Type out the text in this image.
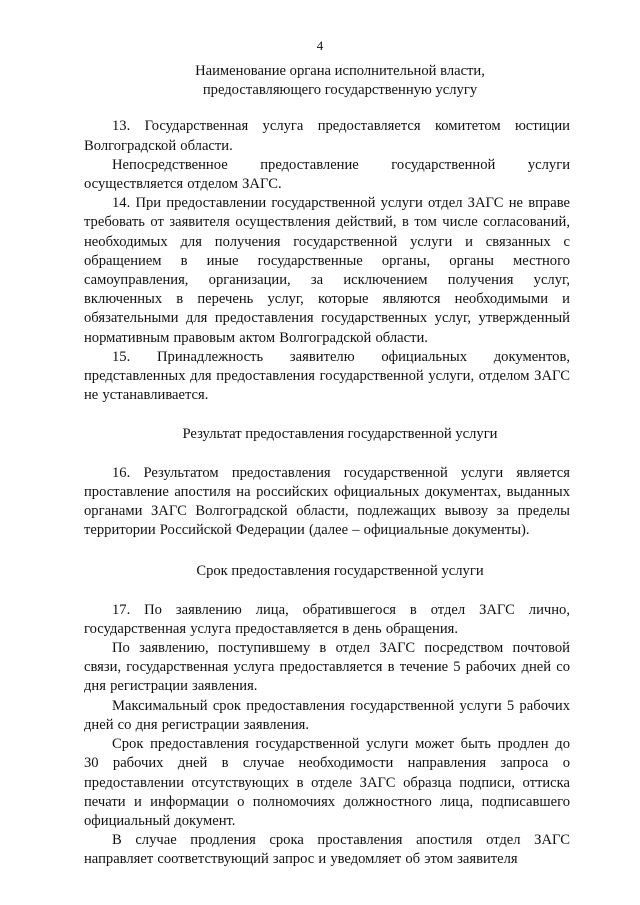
4
Наименование органа исполнительной власти,
предоставляющего государственную услугу

13. Государственная услуга предоставляется комитетом юстиции Волгоградской области.

Непосредственное предоставление государственной услуги осуществляется отделом ЗАГС.

14. При предоставлении государственной услуги отдел ЗАГС не вправе требовать от заявителя осуществления действий, в том числе согласований, необходимых для получения государственной услуги и связанных с обращением в иные государственные органы, органы местного самоуправления, организации, за исключением получения услуг, включенных в перечень услуг, которые являются необходимыми и обязательными для предоставления государственных услуг, утвержденный нормативным правовым актом Волгоградской области.

15. Принадлежность заявителю официальных документов, представленных для предоставления государственной услуги, отделом ЗАГС не устанавливается.

Результат предоставления государственной услуги

16. Результатом предоставления государственной услуги является проставление апостиля на российских официальных документах, выданных органами ЗАГС Волгоградской области, подлежащих вывозу за пределы территории Российской Федерации (далее – официальные документы).

Срок предоставления государственной услуги

17. По заявлению лица, обратившегося в отдел ЗАГС лично, государственная услуга предоставляется в день обращения.

По заявлению, поступившему в отдел ЗАГС посредством почтовой связи, государственная услуга предоставляется в течение 5 рабочих дней со дня регистрации заявления.

Максимальный срок предоставления государственной услуги 5 рабочих дней со дня регистрации заявления.

Срок предоставления государственной услуги может быть продлен до 30 рабочих дней в случае необходимости направления запроса о предоставлении отсутствующих в отделе ЗАГС образца подписи, оттиска печати и информации о полномочиях должностного лица, подписавшего официальный документ.

В случае продления срока проставления апостиля отдел ЗАГС направляет соответствующий запрос и уведомляет об этом заявителя
